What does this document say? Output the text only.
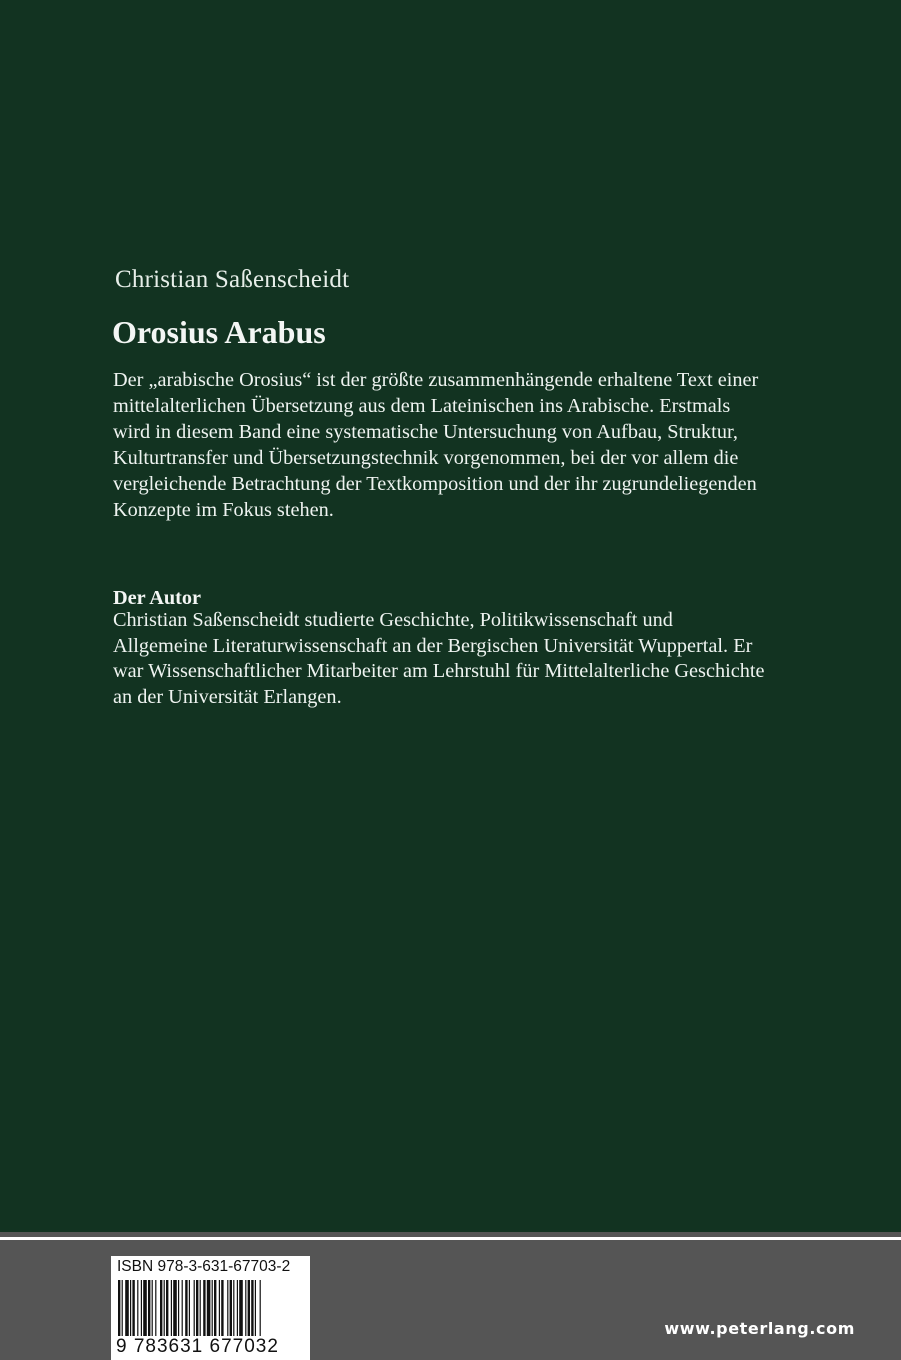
Christian Saßenscheidt
Orosius Arabus
Der „arabische Orosius“ ist der größte zusammenhängende erhaltene Text einer
mittelalterlichen Übersetzung aus dem Lateinischen ins Arabische. Erstmals
wird in diesem Band eine systematische Untersuchung von Aufbau, Struktur,
Kulturtransfer und Übersetzungstechnik vorgenommen, bei der vor allem die
vergleichende Betrachtung der Textkomposition und der ihr zugrundeliegenden
Konzepte im Fokus stehen.
Der Autor
Christian Saßenscheidt studierte Geschichte, Politikwissenschaft und
Allgemeine Literaturwissenschaft an der Bergischen Universität Wuppertal. Er
war Wissenschaftlicher Mitarbeiter am Lehrstuhl für Mittelalterliche Geschichte
an der Universität Erlangen.
ISBN 978-3-631-67703-2
9 783631 677032
www.peterlang.com
